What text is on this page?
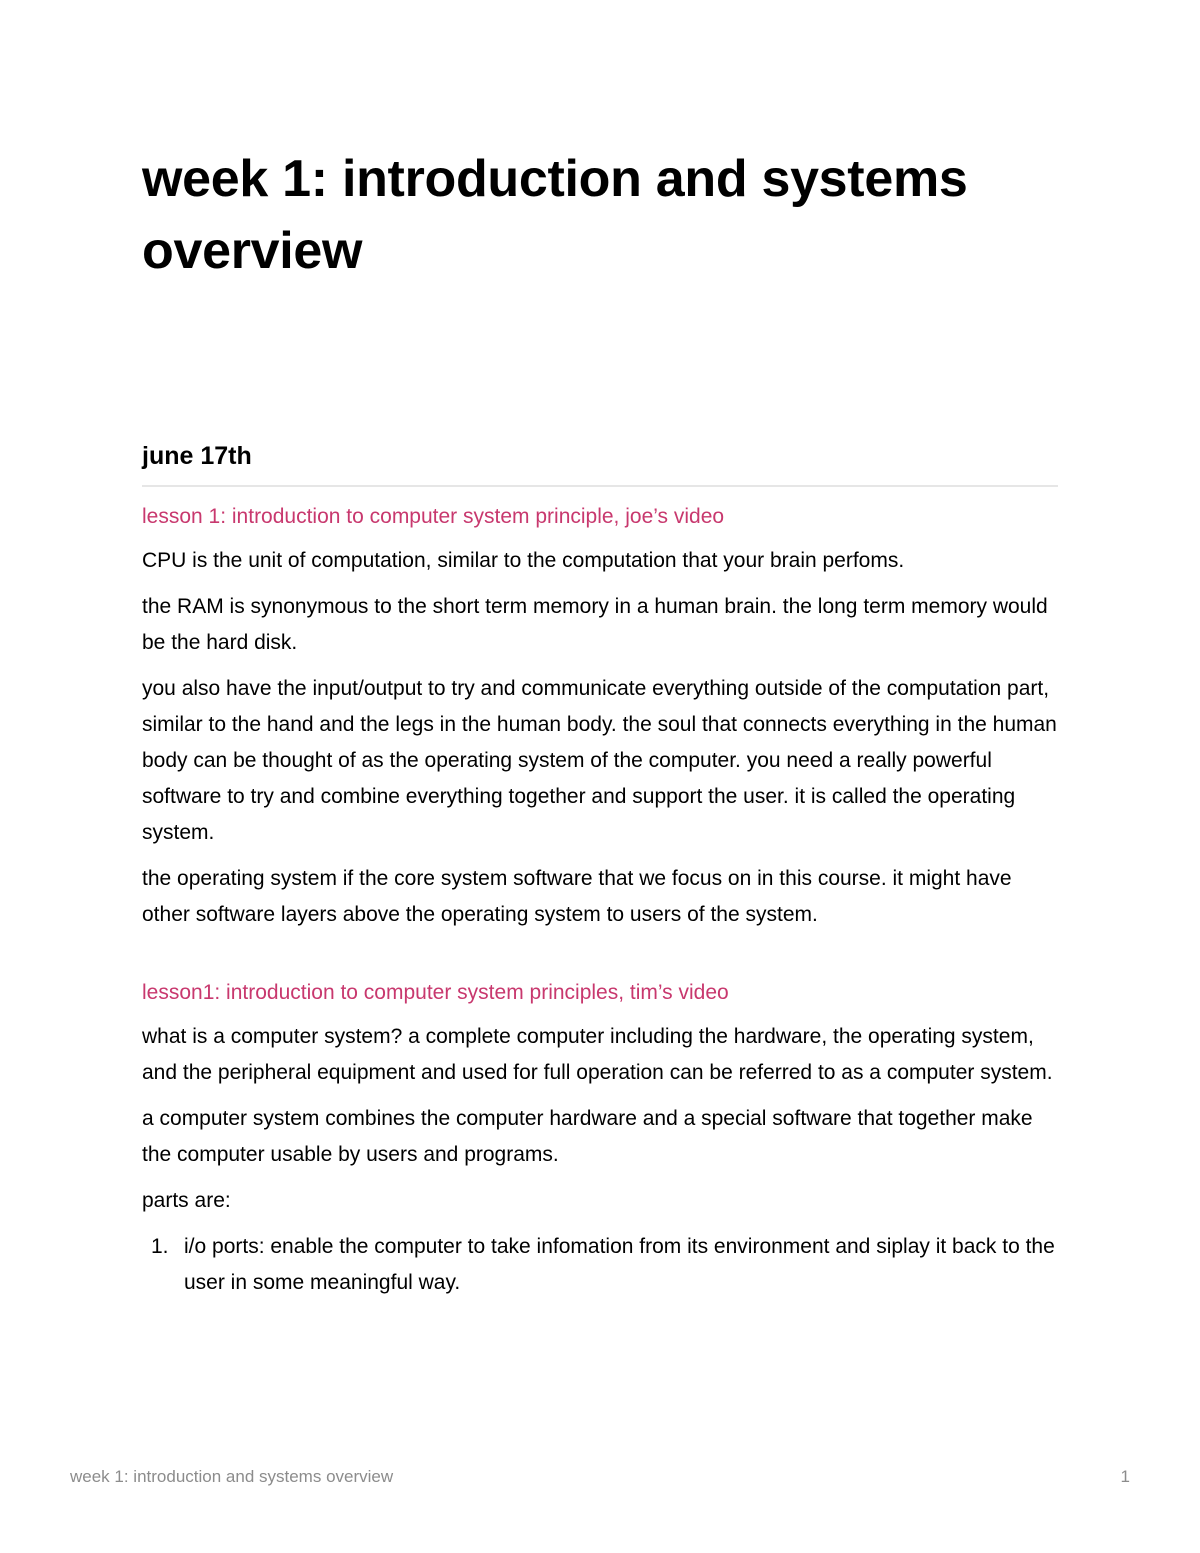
week 1: introduction and systems overview
june 17th

lesson 1: introduction to computer system principle, joe’s video

CPU is the unit of computation, similar to the computation that your brain perfoms.

the RAM is synonymous to the short term memory in a human brain. the long term memory would be the hard disk.

you also have the input/output to try and communicate everything outside of the computation part, similar to the hand and the legs in the human body. the soul that connects everything in the human body can be thought of as the operating system of the computer. you need a really powerful software to try and combine everything together and support the user. it is called the operating system.

the operating system if the core system software that we focus on in this course. it might have other software layers above the operating system to users of the system.

lesson1: introduction to computer system principles, tim’s video

what is a computer system? a complete computer including the hardware, the operating system, and the peripheral equipment and used for full operation can be referred to as a computer system.

a computer system combines the computer hardware and a special software that together make the computer usable by users and programs.

parts are:

1. i/o ports: enable the computer to take infomation from its environment and siplay it back to the user in some meaningful way.
week 1: introduction and systems overview	1
